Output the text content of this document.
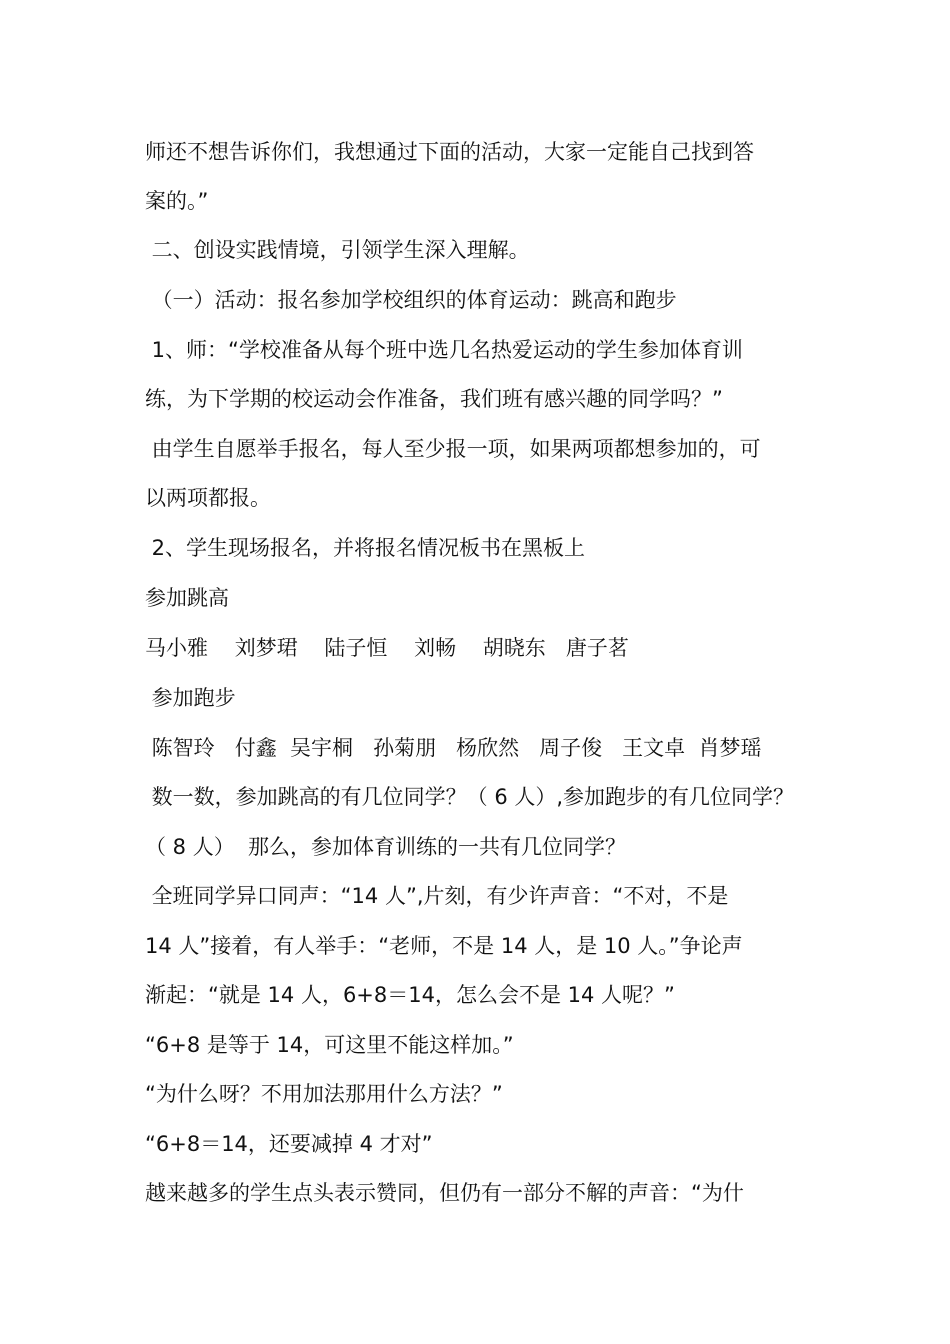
师还不想告诉你们，我想通过下面的活动，大家一定能自己找到答
案的。”
二、创设实践情境，引领学生深入理解。
（一）活动：报名参加学校组织的体育运动：跳高和跑步
1、师：“学校准备从每个班中选几名热爱运动的学生参加体育训
练，为下学期的校运动会作准备，我们班有感兴趣的同学吗？”
由学生自愿举手报名，每人至少报一项，如果两项都想参加的，可
以两项都报。
2、学生现场报名，并将报名情况板书在黑板上
参加跳高
马小雅    刘梦珺    陆子恒    刘畅    胡晓东   唐子茗
参加跑步
陈智玲   付鑫  吴宇桐   孙菊朋   杨欣然   周子俊   王文卓  肖梦瑶
数一数，参加跳高的有几位同学？（ 6 人）,参加跑步的有几位同学？
（ 8 人）  那么，参加体育训练的一共有几位同学？
全班同学异口同声：“14 人”,片刻，有少许声音：“不对，不是
14 人”接着，有人举手：“老师，不是 14 人，是 10 人。”争论声
渐起：“就是 14 人，6+8＝14，怎么会不是 14 人呢？”
“6+8 是等于 14，可这里不能这样加。”
“为什么呀？不用加法那用什么方法？”
“6+8＝14，还要减掉 4 才对”
越来越多的学生点头表示赞同，但仍有一部分不解的声音：“为什
